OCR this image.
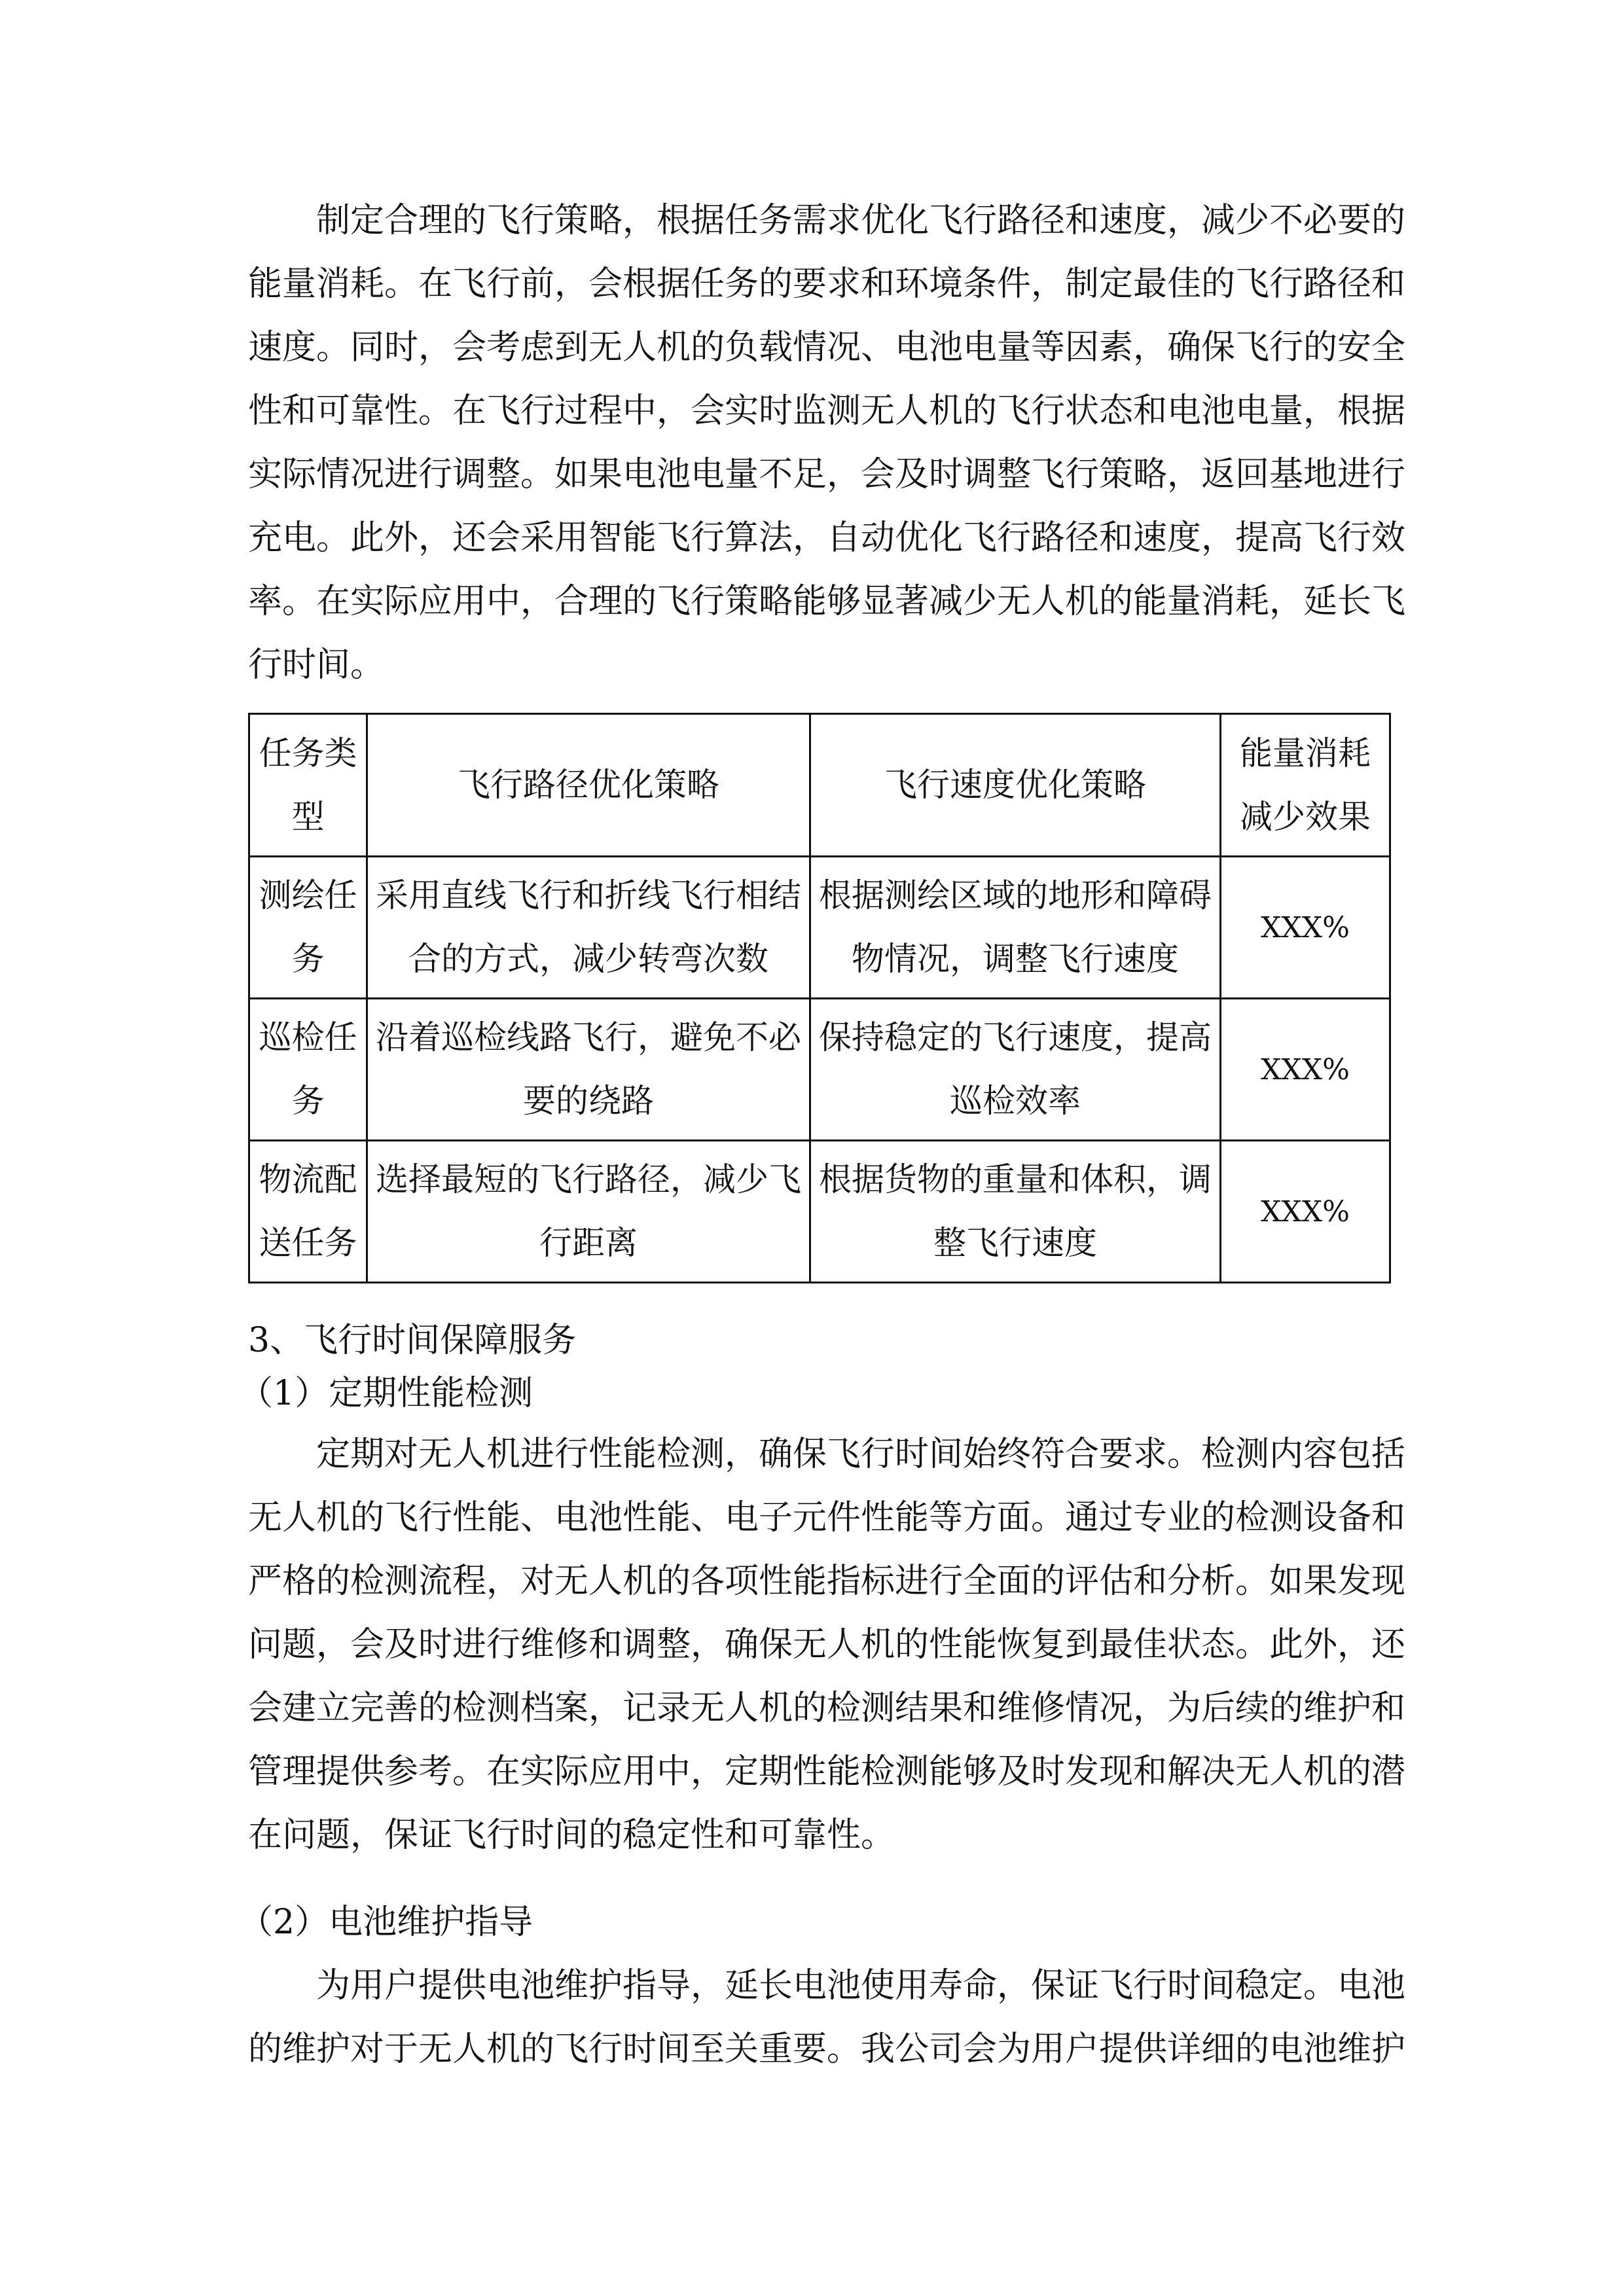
制定合理的飞行策略，根据任务需求优化飞行路径和速度，减少不必要的
能量消耗。在飞行前，会根据任务的要求和环境条件，制定最佳的飞行路径和
速度。同时，会考虑到无人机的负载情况、电池电量等因素，确保飞行的安全
性和可靠性。在飞行过程中，会实时监测无人机的飞行状态和电池电量，根据
实际情况进行调整。如果电池电量不足，会及时调整飞行策略，返回基地进行
充电。此外，还会采用智能飞行算法，自动优化飞行路径和速度，提高飞行效
率。在实际应用中，合理的飞行策略能够显著减少无人机的能量消耗，延长飞
行时间。
任务类型	飞行路径优化策略	飞行速度优化策略	能量消耗减少效果
测绘任务	采用直线飞行和折线飞行相结合的方式，减少转弯次数	根据测绘区域的地形和障碍物情况，调整飞行速度	XXX%
巡检任务	沿着巡检线路飞行，避免不必要的绕路	保持稳定的飞行速度，提高巡检效率	XXX%
物流配送任务	选择最短的飞行路径，减少飞行距离	根据货物的重量和体积，调整飞行速度	XXX%
3、飞行时间保障服务
（1）定期性能检测
定期对无人机进行性能检测，确保飞行时间始终符合要求。检测内容包括
无人机的飞行性能、电池性能、电子元件性能等方面。通过专业的检测设备和
严格的检测流程，对无人机的各项性能指标进行全面的评估和分析。如果发现
问题，会及时进行维修和调整，确保无人机的性能恢复到最佳状态。此外，还
会建立完善的检测档案，记录无人机的检测结果和维修情况，为后续的维护和
管理提供参考。在实际应用中，定期性能检测能够及时发现和解决无人机的潜
在问题，保证飞行时间的稳定性和可靠性。
（2）电池维护指导
为用户提供电池维护指导，延长电池使用寿命，保证飞行时间稳定。电池
的维护对于无人机的飞行时间至关重要。我公司会为用户提供详细的电池维护
